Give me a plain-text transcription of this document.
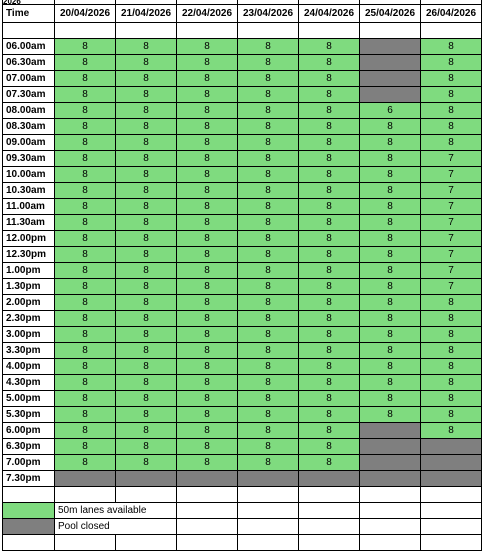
2026							

Time	20/04/2026	21/04/2026	22/04/2026	23/04/2026	24/04/2026	25/04/2026	26/04/2026

06.00am	8	8	8	8	8		8
06.30am	8	8	8	8	8		8
07.00am	8	8	8	8	8		8
07.30am	8	8	8	8	8		8
08.00am	8	8	8	8	8	6	8
08.30am	8	8	8	8	8	8	8
09.00am	8	8	8	8	8	8	8
09.30am	8	8	8	8	8	8	7
10.00am	8	8	8	8	8	8	7
10.30am	8	8	8	8	8	8	7
11.00am	8	8	8	8	8	8	7
11.30am	8	8	8	8	8	8	7
12.00pm	8	8	8	8	8	8	7
12.30pm	8	8	8	8	8	8	7
1.00pm	8	8	8	8	8	8	7
1.30pm	8	8	8	8	8	8	7
2.00pm	8	8	8	8	8	8	8
2.30pm	8	8	8	8	8	8	8
3.00pm	8	8	8	8	8	8	8
3.30pm	8	8	8	8	8	8	8
4.00pm	8	8	8	8	8	8	8
4.30pm	8	8	8	8	8	8	8
5.00pm	8	8	8	8	8	8	8
5.30pm	8	8	8	8	8	8	8
6.00pm	8	8	8	8	8		8
6.30pm	8	8	8	8	8		
7.00pm	8	8	8	8	8		
7.30pm							

	50m lanes available						
	Pool closed						
